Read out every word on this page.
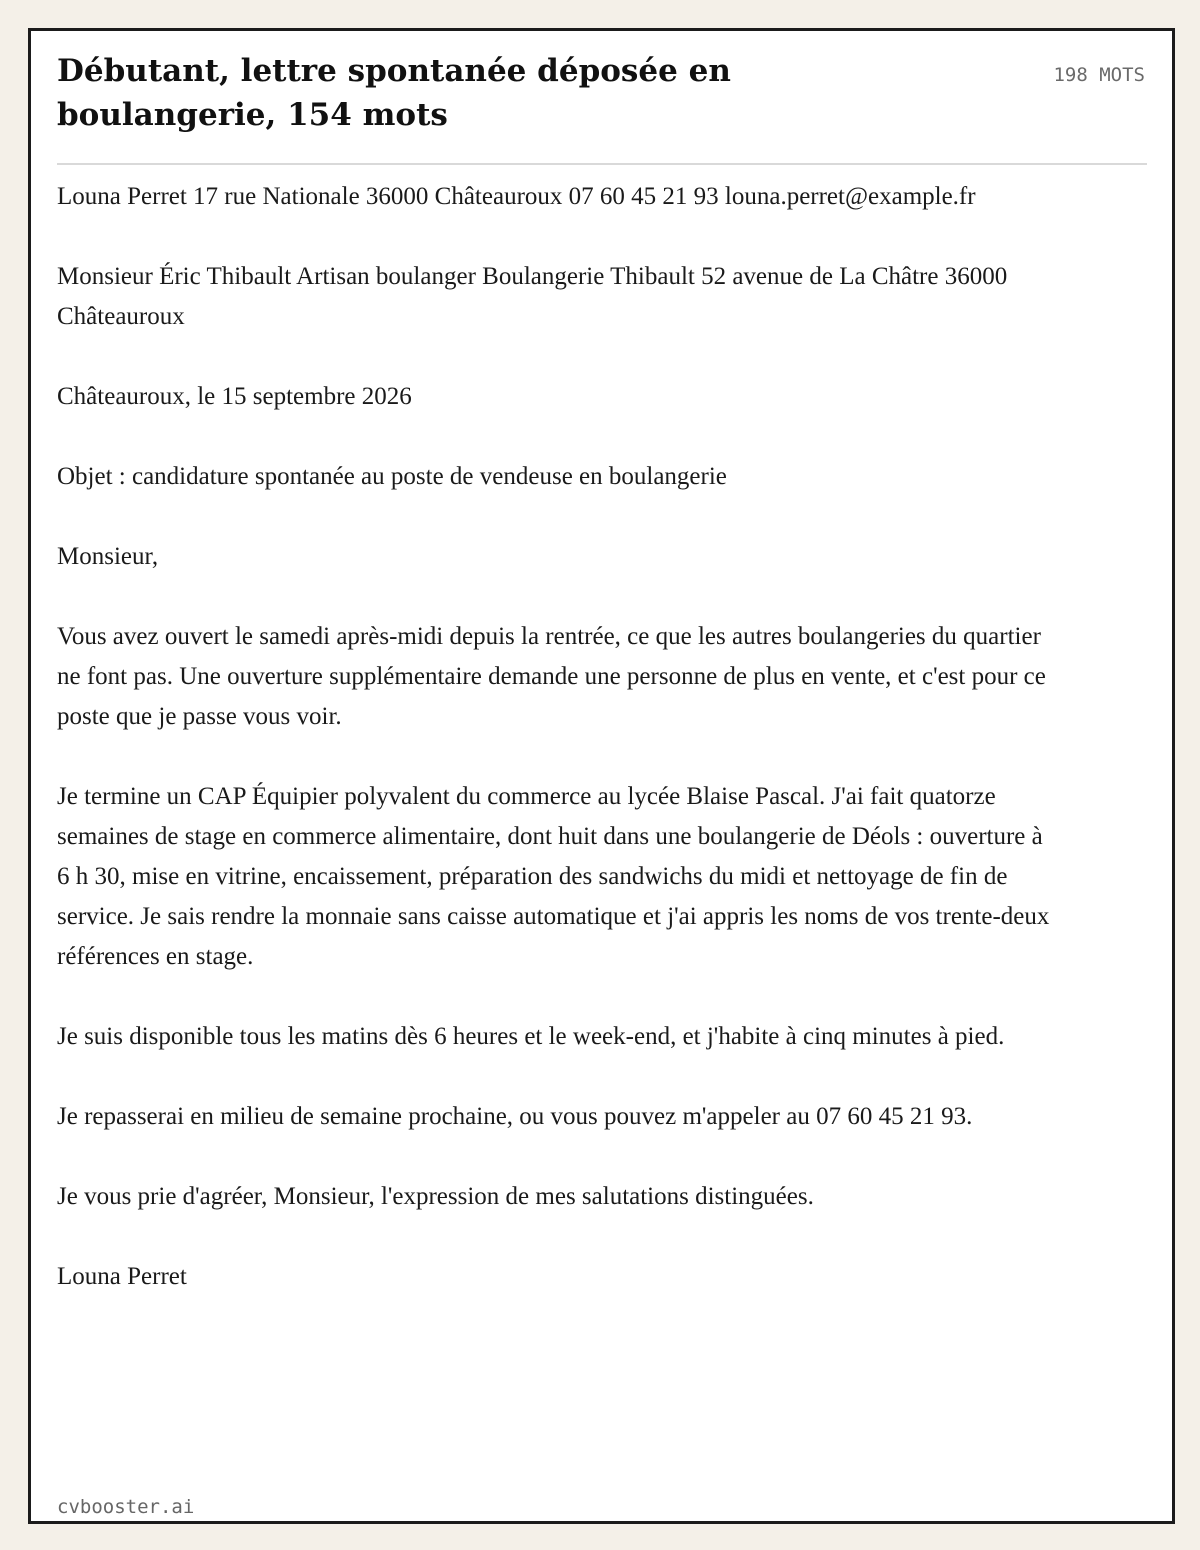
Débutant, lettre spontanée déposée en boulangerie, 154 mots
198 MOTS

Louna Perret 17 rue Nationale 36000 Châteauroux 07 60 45 21 93 louna.perret@example.fr

Monsieur Éric Thibault Artisan boulanger Boulangerie Thibault 52 avenue de La Châtre 36000 Châteauroux

Châteauroux, le 15 septembre 2026

Objet : candidature spontanée au poste de vendeuse en boulangerie

Monsieur,

Vous avez ouvert le samedi après-midi depuis la rentrée, ce que les autres boulangeries du quartier ne font pas. Une ouverture supplémentaire demande une personne de plus en vente, et c'est pour ce poste que je passe vous voir.

Je termine un CAP Équipier polyvalent du commerce au lycée Blaise Pascal. J'ai fait quatorze semaines de stage en commerce alimentaire, dont huit dans une boulangerie de Déols : ouverture à 6 h 30, mise en vitrine, encaissement, préparation des sandwichs du midi et nettoyage de fin de service. Je sais rendre la monnaie sans caisse automatique et j'ai appris les noms de vos trente-deux références en stage.

Je suis disponible tous les matins dès 6 heures et le week-end, et j'habite à cinq minutes à pied.

Je repasserai en milieu de semaine prochaine, ou vous pouvez m'appeler au 07 60 45 21 93.

Je vous prie d'agréer, Monsieur, l'expression de mes salutations distinguées.

Louna Perret

cvbooster.ai
